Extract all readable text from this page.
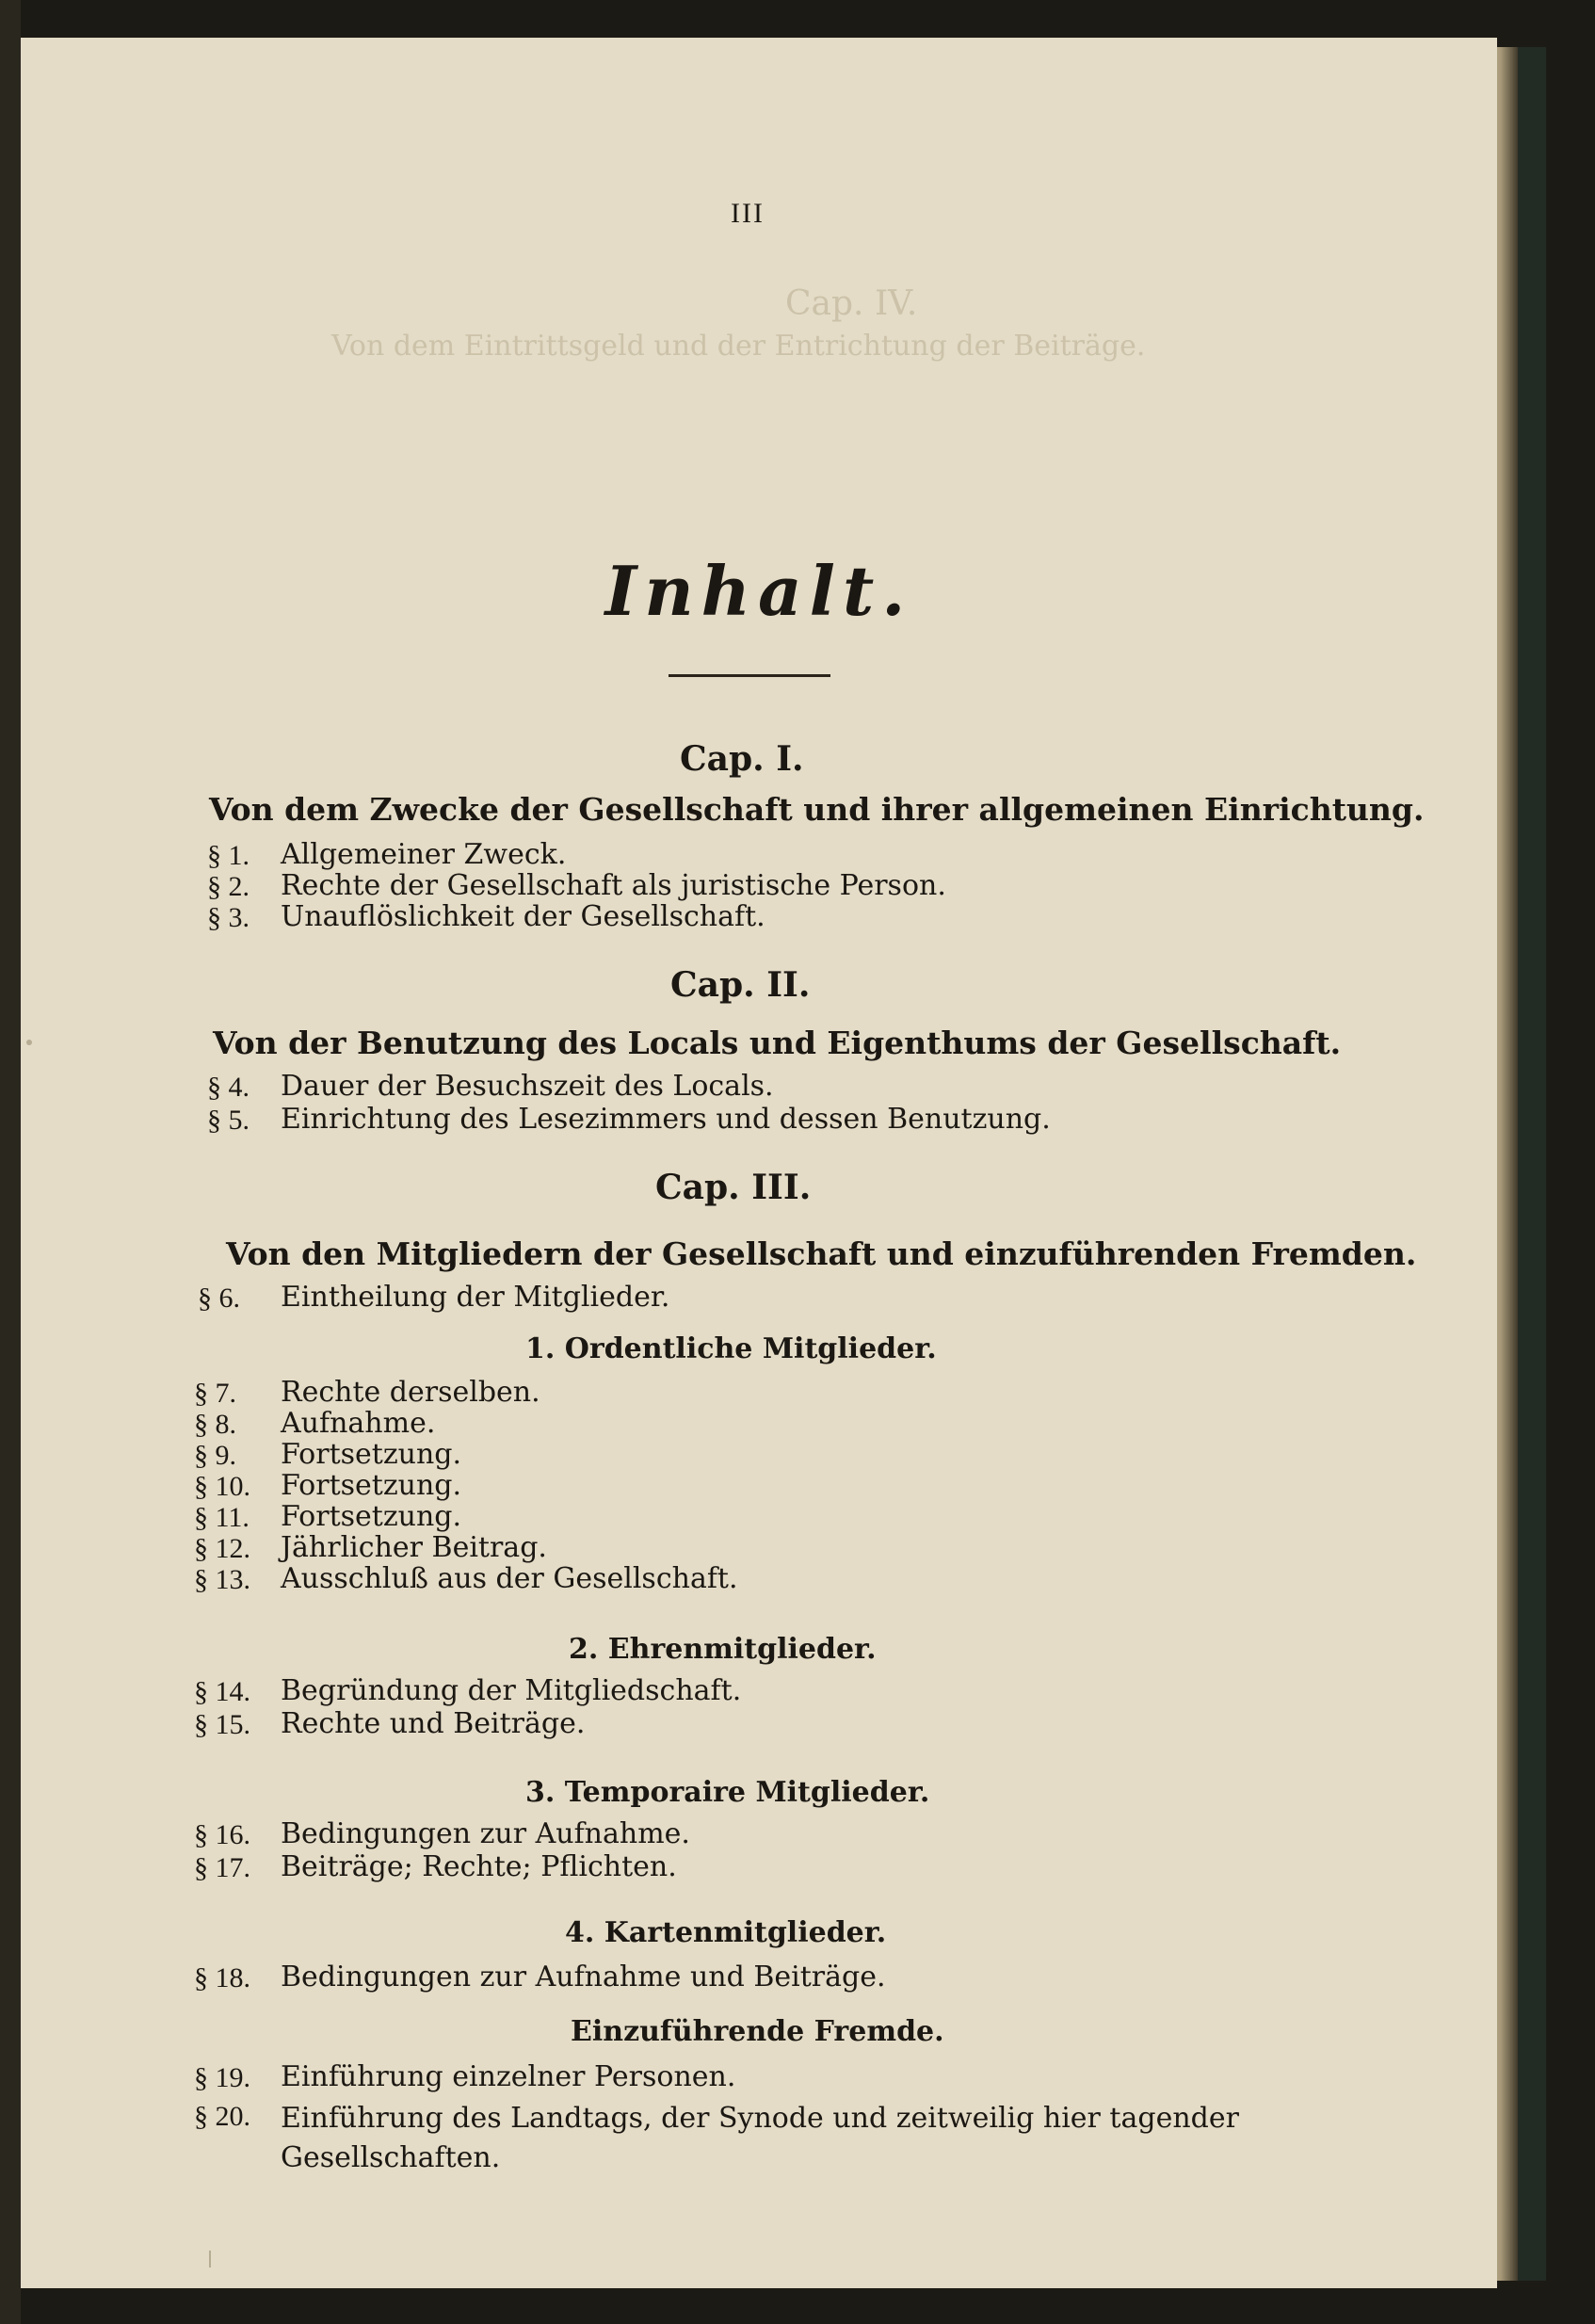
Cap. IV.
Von dem Eintrittsgeld und der Entrichtung der Beiträge.
III
Inhalt.
Cap. I.
Von dem Zwecke der Gesellschaft und ihrer allgemeinen Einrichtung.
§ 1. Allgemeiner Zweck.
§ 2. Rechte der Gesellschaft als juristische Person.
§ 3. Unauflöslichkeit der Gesellschaft.
Cap. II.
Von der Benutzung des Locals und Eigenthums der Gesellschaft.
§ 4. Dauer der Besuchszeit des Locals.
§ 5. Einrichtung des Lesezimmers und dessen Benutzung.
Cap. III.
Von den Mitgliedern der Gesellschaft und einzuführenden Fremden.
§ 6. Eintheilung der Mitglieder.
1. Ordentliche Mitglieder.
§ 7. Rechte derselben.
§ 8. Aufnahme.
§ 9. Fortsetzung.
§ 10. Fortsetzung.
§ 11. Fortsetzung.
§ 12. Jährlicher Beitrag.
§ 13. Ausschluß aus der Gesellschaft.
2. Ehrenmitglieder.
§ 14. Begründung der Mitgliedschaft.
§ 15. Rechte und Beiträge.
3. Temporaire Mitglieder.
§ 16. Bedingungen zur Aufnahme.
§ 17. Beiträge; Rechte; Pflichten.
4. Kartenmitglieder.
§ 18. Bedingungen zur Aufnahme und Beiträge.
Einzuführende Fremde.
§ 19. Einführung einzelner Personen.
§ 20. Einführung des Landtags, der Synode und zeitweilig hier tagender Gesellschaften.
